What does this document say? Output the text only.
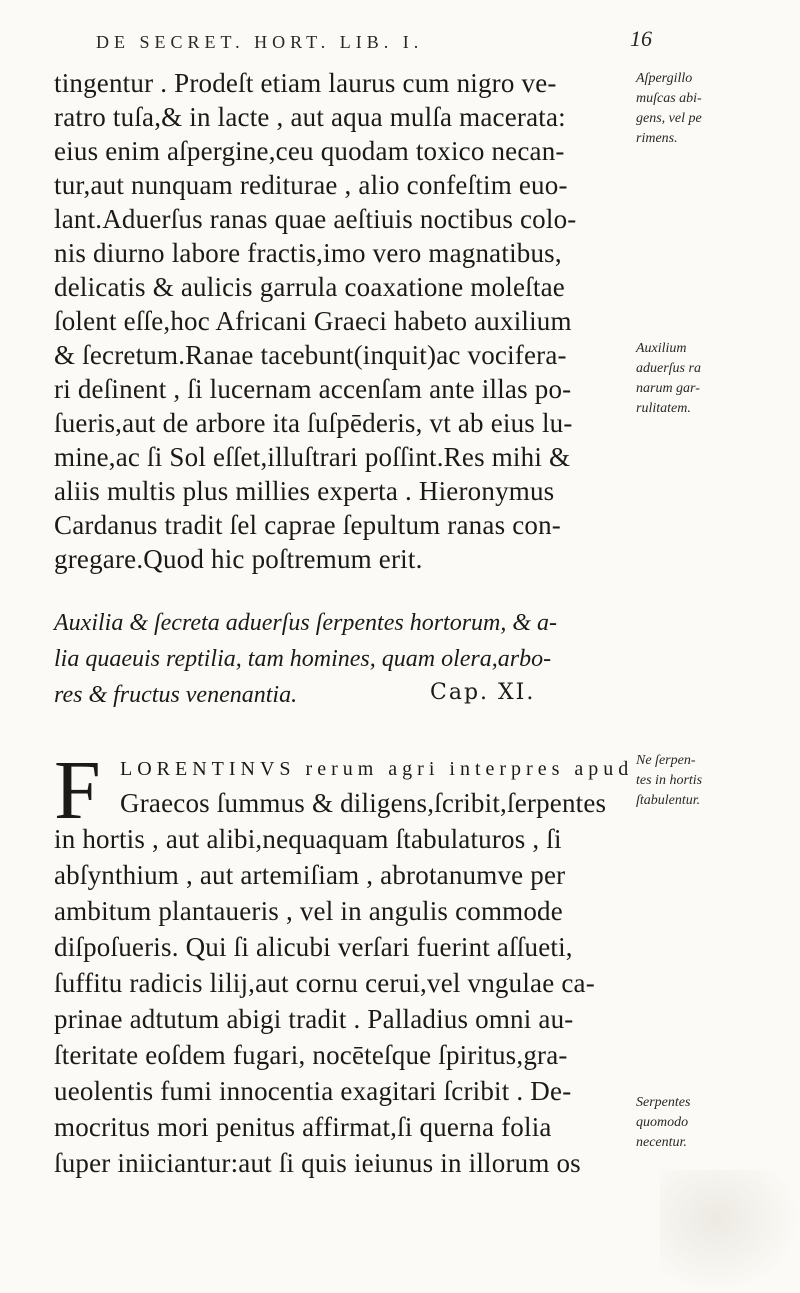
DE SECRET. HORT. LIB. I.	16
tingentur . Prodeſt etiam laurus cum nigro ve-
ratro tuſa,& in lacte , aut aqua mulſa macerata:
eius enim aſpergine,ceu quodam toxico necan-
tur,aut nunquam rediturae , alio confeſtim euo-
lant.Aduerſus ranas quae aeſtiuis noctibus colo-
nis diurno labore fractis,imo vero magnatibus,
delicatis & aulicis garrula coaxatione moleſtae
ſolent eſſe,hoc Africani Graeci habeto auxilium
& ſecretum.Ranae tacebunt(inquit)ac vociferа-
ri deſinent , ſi lucernam accenſam ante illas po-
ſueris,aut de arbore ita ſuſpēderis, vt ab eius lu-
mine,ac ſi Sol eſſet,illuſtrari poſſint.Res mihi &
aliis multis plus millies experta . Hieronymus
Cardanus tradit ſel caprae ſepultum ranas con-
gregare.Quod hic poſtremum erit.
Aſpergillo
muſcas abi-
gens, vel pe
rimens.
Auxilium
aduerſus ra
narum gar-
rulitatem.
Auxilia & ſecreta aduerſus ſerpentes hortorum, & a-
lia quaeuis reptilia, tam homines, quam olera,arbo-
res & fructus venenantia.	Cap. XI.
F LORENTINVS rerum agri interpres apud
Graecos ſummus & diligens,ſcribit,ſerpentes
in hortis , aut alibi,nequaquam ſtabulaturos , ſi
abſynthium , aut artemiſiam , abrotanumve per
ambitum plantaueris , vel in angulis commode
diſpoſueris. Qui ſi alicubi verſari fuerint aſſueti,
ſuffitu radicis lilij,aut cornu cerui,vel vngulae ca-
prinae adtutum abigi tradit . Palladius omni au-
ſteritate eoſdem fugari, nocēteſque ſpiritus,gra-
ueolentis fumi innocentia exagitari ſcribit . De-
mocritus mori penitus affirmat,ſi querna folia
ſuper iniiciantur:aut ſi quis ieiunus in illorum os
Ne ſerpen-
tes in hortis
ſtabulentur.
Serpentes
quomodo
necentur.
